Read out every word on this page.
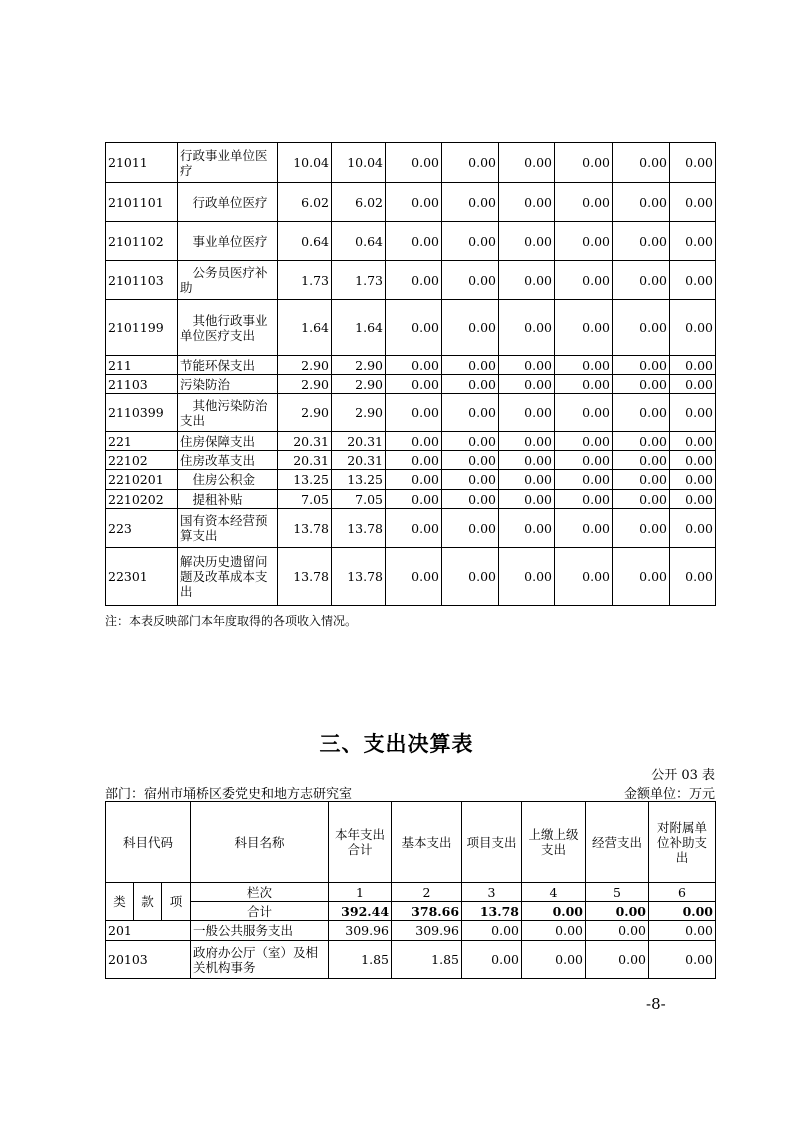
21011	行政事业单位医疗	10.04	10.04	0.00	0.00	0.00	0.00	0.00	0.00
2101101	行政单位医疗	6.02	6.02	0.00	0.00	0.00	0.00	0.00	0.00
2101102	事业单位医疗	0.64	0.64	0.00	0.00	0.00	0.00	0.00	0.00
2101103	公务员医疗补助	1.73	1.73	0.00	0.00	0.00	0.00	0.00	0.00
2101199	其他行政事业单位医疗支出	1.64	1.64	0.00	0.00	0.00	0.00	0.00	0.00
211	节能环保支出	2.90	2.90	0.00	0.00	0.00	0.00	0.00	0.00
21103	污染防治	2.90	2.90	0.00	0.00	0.00	0.00	0.00	0.00
2110399	其他污染防治支出	2.90	2.90	0.00	0.00	0.00	0.00	0.00	0.00
221	住房保障支出	20.31	20.31	0.00	0.00	0.00	0.00	0.00	0.00
22102	住房改革支出	20.31	20.31	0.00	0.00	0.00	0.00	0.00	0.00
2210201	住房公积金	13.25	13.25	0.00	0.00	0.00	0.00	0.00	0.00
2210202	提租补贴	7.05	7.05	0.00	0.00	0.00	0.00	0.00	0.00
223	国有资本经营预算支出	13.78	13.78	0.00	0.00	0.00	0.00	0.00	0.00
22301	解决历史遗留问题及改革成本支出	13.78	13.78	0.00	0.00	0.00	0.00	0.00	0.00
注：本表反映部门本年度取得的各项收入情况。
三、支出决算表
公开 03 表
部门：宿州市埇桥区委党史和地方志研究室	金额单位：万元
科目代码			科目名称	本年支出合计	基本支出	项目支出	上缴上级支出	经营支出	对附属单位补助支出
类	款	项	栏次	1	2	3	4	5	6
			合计	392.44	378.66	13.78	0.00	0.00	0.00
201			一般公共服务支出	309.96	309.96	0.00	0.00	0.00	0.00
20103			政府办公厅（室）及相关机构事务	1.85	1.85	0.00	0.00	0.00	0.00
-8-
